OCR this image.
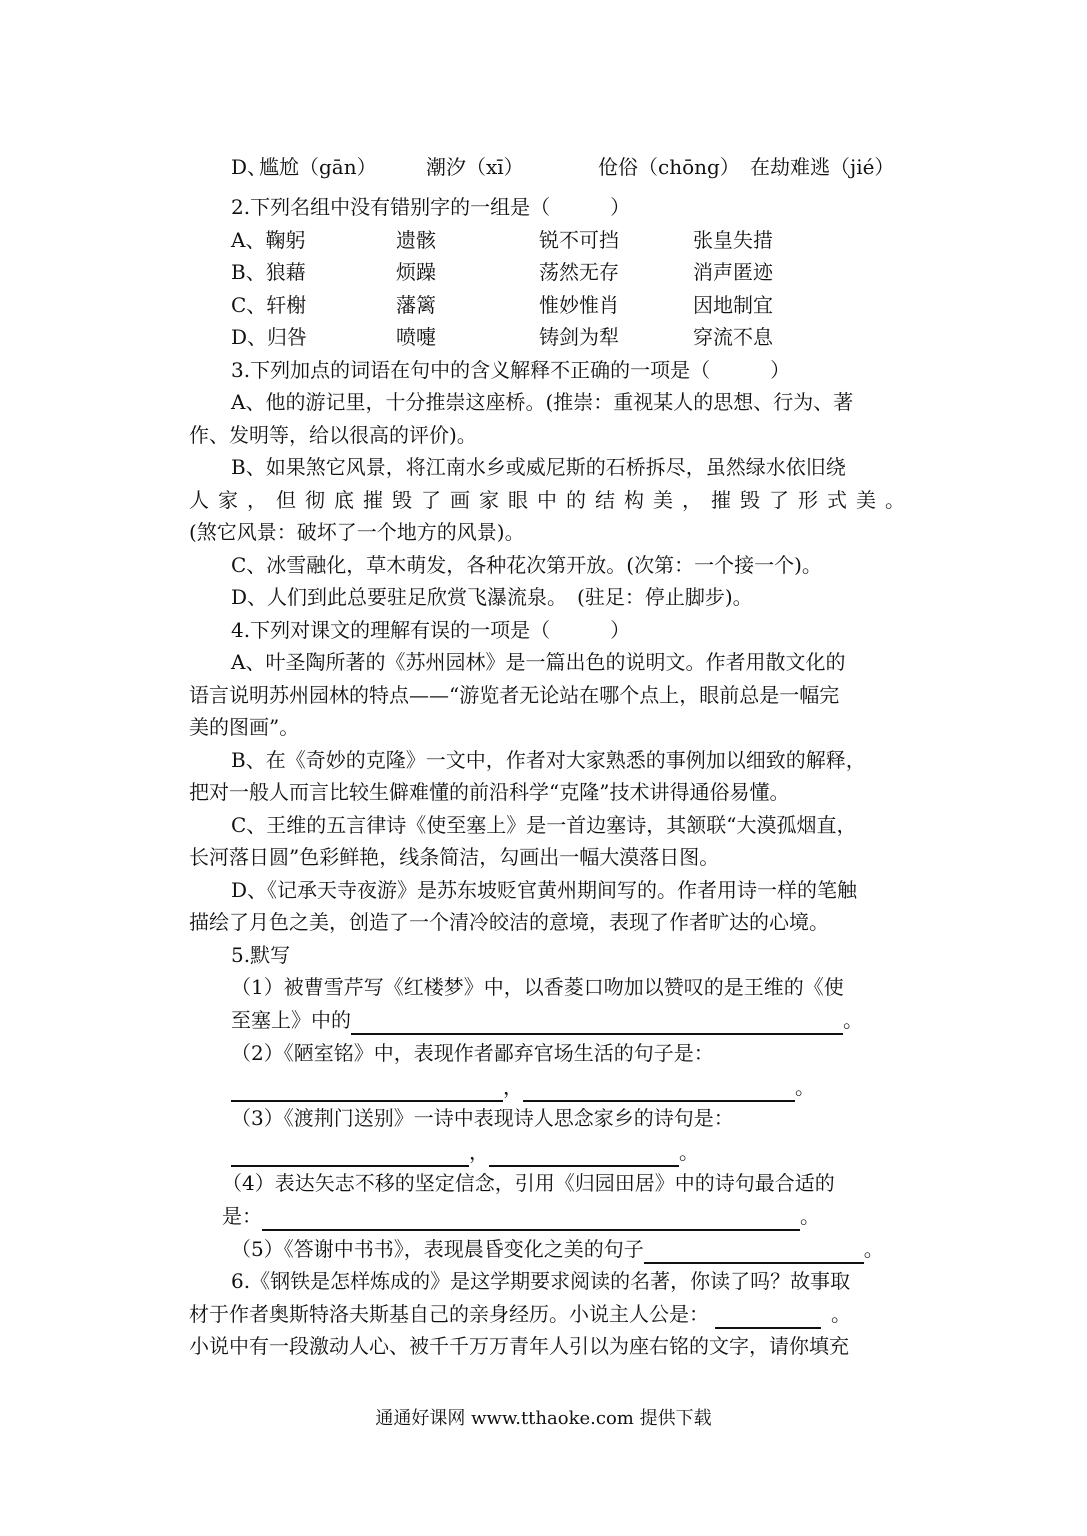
D、
尴尬（gān） 潮汐（xī）	伧俗（chōng） 在劫难逃（jié）
2.下列名组中没有错别字的一组是（　　　）
A、鞠躬	遗骸	锐不可挡	张皇失措
B、狼藉	烦躁	荡然无存	消声匿迹
C、轩榭	藩篱	惟妙惟肖	因地制宜
D、归咎	喷嚏	铸剑为犁	穿流不息
3.下列加点的词语在句中的含义解释不正确的一项是（　　　）
A、他的游记里，十分推崇这座桥。(推崇：重视某人的思想、行为、著
作、发明等，给以很高的评价)。
B、如果煞它风景，将江南水乡或威尼斯的石桥拆尽，虽然绿水依旧绕
人家，但彻底摧毁了画家眼中的结构美，摧毁了形式美。
(煞它风景：破坏了一个地方的风景)。
C、冰雪融化，草木萌发，各种花次第开放。(次第：一个接一个)。
D、人们到此总要驻足欣赏飞瀑流泉。　(驻足：停止脚步)。
4.下列对课文的理解有误的一项是（　　　）
A、叶圣陶所著的《苏州园林》是一篇出色的说明文。作者用散文化的
语言说明苏州园林的特点——“游览者无论站在哪个点上，眼前总是一幅完
美的图画”。
B、在《奇妙的克隆》一文中，作者对大家熟悉的事例加以细致的解释，
把对一般人而言比较生僻难懂的前沿科学“克隆”技术讲得通俗易懂。
C、王维的五言律诗《使至塞上》是一首边塞诗，其颔联“大漠孤烟直，
长河落日圆”色彩鲜艳，线条简洁，勾画出一幅大漠落日图。
D、《记承天寺夜游》是苏东坡贬官黄州期间写的。作者用诗一样的笔触
描绘了月色之美，创造了一个清冷皎洁的意境，表现了作者旷达的心境。
5.默写
（1）被曹雪芹写《红楼梦》中，以香菱口吻加以赞叹的是王维的《使
至塞上》中的	。
（2）《陋室铭》中，表现作者鄙弃官场生活的句子是：
，	。
（3）《渡荆门送别》一诗中表现诗人思念家乡的诗句是：
，	。
（4）表达矢志不移的坚定信念，引用《归园田居》中的诗句最合适的
是：	。
（5）《答谢中书书》，表现晨昏变化之美的句子	。
6.《钢铁是怎样炼成的》是这学期要求阅读的名著，你读了吗？故事取
材于作者奥斯特洛夫斯基自己的亲身经历。小说主人公是：	。
小说中有一段激动人心、被千千万万青年人引以为座右铭的文字，请你填充
通通好课网 www.tthaoke.com 提供下载
